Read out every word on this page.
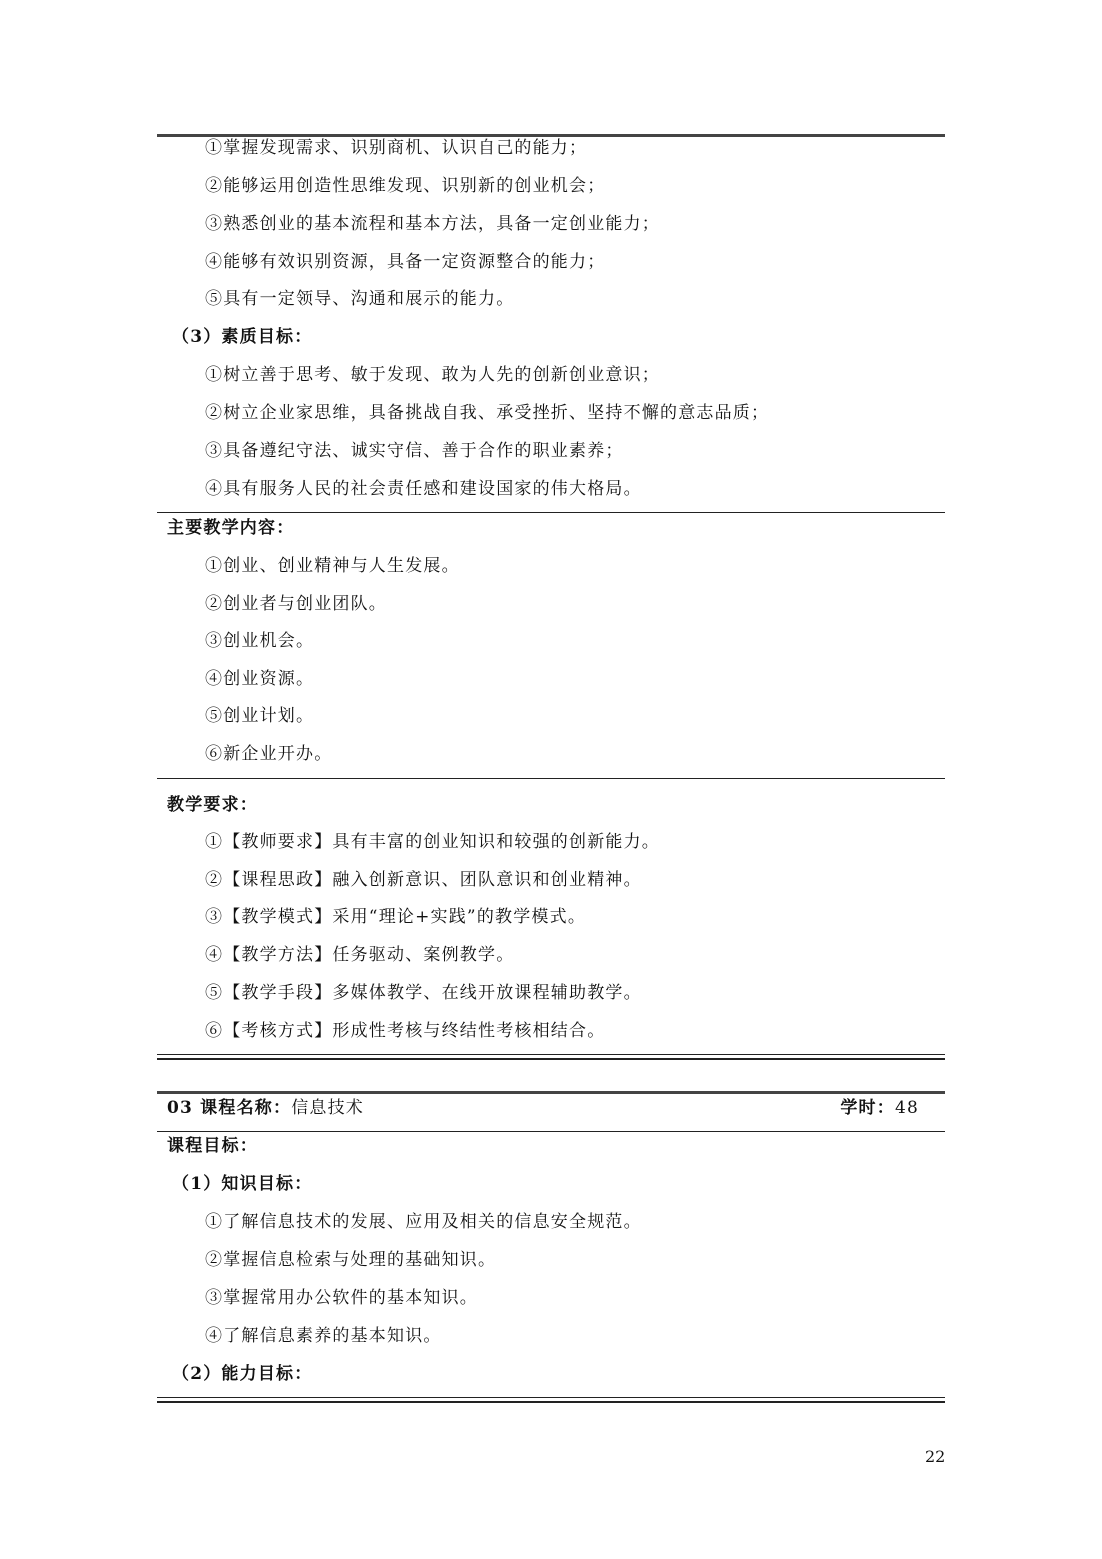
①掌握发现需求、识别商机、认识自己的能力；
②能够运用创造性思维发现、识别新的创业机会；
③熟悉创业的基本流程和基本方法，具备一定创业能力；
④能够有效识别资源，具备一定资源整合的能力；
⑤具有一定领导、沟通和展示的能力。
（3）素质目标：
①树立善于思考、敏于发现、敢为人先的创新创业意识；
②树立企业家思维，具备挑战自我、承受挫折、坚持不懈的意志品质；
③具备遵纪守法、诚实守信、善于合作的职业素养；
④具有服务人民的社会责任感和建设国家的伟大格局。
主要教学内容：
①创业、创业精神与人生发展。
②创业者与创业团队。
③创业机会。
④创业资源。
⑤创业计划。
⑥新企业开办。
教学要求：
①【教师要求】具有丰富的创业知识和较强的创新能力。
②【课程思政】融入创新意识、团队意识和创业精神。
③【教学模式】采用“理论+实践”的教学模式。
④【教学方法】任务驱动、案例教学。
⑤【教学手段】多媒体教学、在线开放课程辅助教学。
⑥【考核方式】形成性考核与终结性考核相结合。
03 课程名称：信息技术	学时：48
课程目标：
（1）知识目标：
①了解信息技术的发展、应用及相关的信息安全规范。
②掌握信息检索与处理的基础知识。
③掌握常用办公软件的基本知识。
④了解信息素养的基本知识。
（2）能力目标：
22
